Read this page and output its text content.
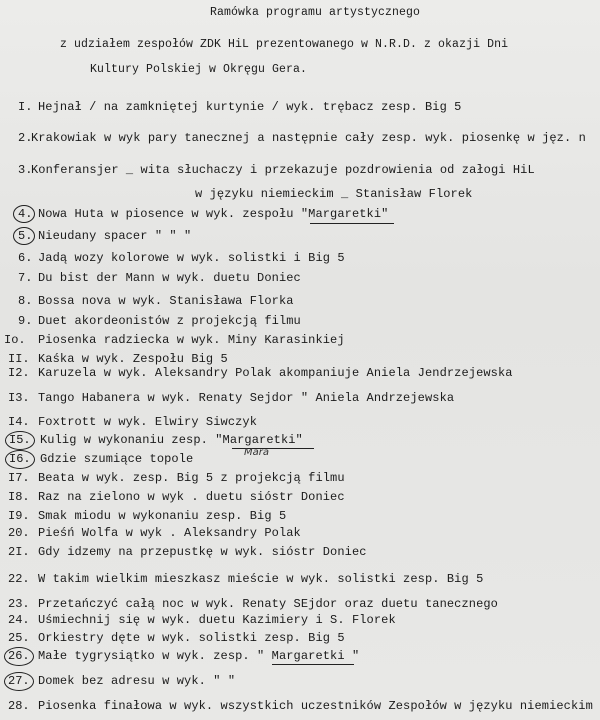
Ramówka programu artystycznego
z udziałem zespołów ZDK HiL prezentowanego w N.R.D. z okazji Dni
Kultury Polskiej w Okręgu Gera.
I. Hejnał / na zamkniętej kurtynie / wyk. trębacz zesp. Big 5
2.
Krakowiak w wyk pary tanecznej a następnie cały zesp. wyk. piosenkę w jęz. n
3.
Konferansjer _ wita słuchaczy i przekazuje pozdrowienia od załogi HiL
w języku niemieckim _ Stanisław Florek
4. Nowa Huta w piosence w wyk. zespołu "Margaretki"
5. Nieudany spacer " " "
6. Jadą wozy kolorowe w wyk. solistki i Big 5
7. Du bist der Mann w wyk. duetu Doniec
8. Bossa nova w wyk. Stanisława Florka
9. Duet akordeonistów z projekcją filmu
Io. Piosenka radziecka w wyk. Miny Karasinkiej
II. Kaśka w wyk. Zespołu Big 5
I2. Karuzela w wyk. Aleksandry Polak akompaniuje Aniela Jendrzejewska
I3. Tango Habanera w wyk. Renaty Sejdor " Aniela Andrzejewska
I4. Foxtrott w wyk. Elwiry Siwczyk
I5. Kulig w wykonaniu zesp. "Margaretki"
I6. Gdzie szumiące topole	Mara
I7. Beata w wyk. zesp. Big 5 z projekcją filmu
I8. Raz na zielono w wyk . duetu sióstr Doniec
I9. Smak miodu w wykonaniu zesp. Big 5
20. Pieśń Wolfa w wyk . Aleksandry Polak
2I. Gdy idzemy na przepustkę w wyk. sióstr Doniec
22. W takim wielkim mieszkasz mieście w wyk. solistki zesp. Big 5
23. Przetańczyć całą noc w wyk. Renaty SEjdor oraz duetu tanecznego
24. Uśmiechnij się w wyk. duetu Kazimiery i S. Florek
25. Orkiestry dęte w wyk. solistki zesp. Big 5
26. Małe tygrysiątko w wyk. zesp. " Margaretki "
27. Domek bez adresu w wyk. " "
28. Piosenka finałowa w wyk. wszystkich uczestników Zespołów w języku niemieckim
